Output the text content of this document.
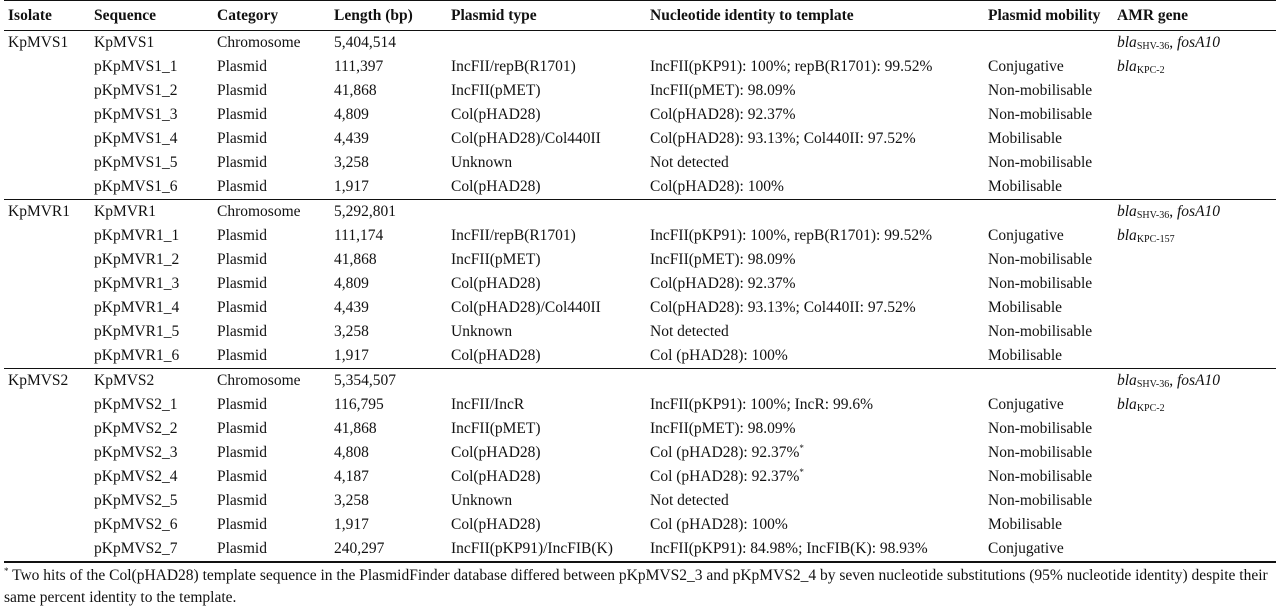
Isolate	Sequence	Category	Length (bp)	Plasmid type	Nucleotide identity to template	Plasmid mobility	AMR gene
KpMVS1	KpMVS1	Chromosome	5,404,514				bla$_{SHV-36}$, fosA10
	pKpMVS1_1	Plasmid	111,397	IncFII/repB(R1701)	IncFII(pKP91): 100%; repB(R1701): 99.52%	Conjugative	bla$_{KPC-2}$
	pKpMVS1_2	Plasmid	41,868	IncFII(pMET)	IncFII(pMET): 98.09%	Non-mobilisable	
	pKpMVS1_3	Plasmid	4,809	Col(pHAD28)	Col(pHAD28): 92.37%	Non-mobilisable	
	pKpMVS1_4	Plasmid	4,439	Col(pHAD28)/Col440II	Col(pHAD28): 93.13%; Col440II: 97.52%	Mobilisable	
	pKpMVS1_5	Plasmid	3,258	Unknown	Not detected	Non-mobilisable	
	pKpMVS1_6	Plasmid	1,917	Col(pHAD28)	Col(pHAD28): 100%	Mobilisable	
KpMVR1	KpMVR1	Chromosome	5,292,801				bla$_{SHV-36}$, fosA10
	pKpMVR1_1	Plasmid	111,174	IncFII/repB(R1701)	IncFII(pKP91): 100%, repB(R1701): 99.52%	Conjugative	bla$_{KPC-157}$
	pKpMVR1_2	Plasmid	41,868	IncFII(pMET)	IncFII(pMET): 98.09%	Non-mobilisable	
	pKpMVR1_3	Plasmid	4,809	Col(pHAD28)	Col(pHAD28): 92.37%	Non-mobilisable	
	pKpMVR1_4	Plasmid	4,439	Col(pHAD28)/Col440II	Col(pHAD28): 93.13%; Col440II: 97.52%	Mobilisable	
	pKpMVR1_5	Plasmid	3,258	Unknown	Not detected	Non-mobilisable	
	pKpMVR1_6	Plasmid	1,917	Col(pHAD28)	Col (pHAD28): 100%	Mobilisable	
KpMVS2	KpMVS2	Chromosome	5,354,507				bla$_{SHV-36}$, fosA10
	pKpMVS2_1	Plasmid	116,795	IncFII/IncR	IncFII(pKP91): 100%; IncR: 99.6%	Conjugative	bla$_{KPC-2}$
	pKpMVS2_2	Plasmid	41,868	IncFII(pMET)	IncFII(pMET): 98.09%	Non-mobilisable	
	pKpMVS2_3	Plasmid	4,808	Col(pHAD28)	Col (pHAD28): 92.37%*	Non-mobilisable	
	pKpMVS2_4	Plasmid	4,187	Col(pHAD28)	Col (pHAD28): 92.37%*	Non-mobilisable	
	pKpMVS2_5	Plasmid	3,258	Unknown	Not detected	Non-mobilisable	
	pKpMVS2_6	Plasmid	1,917	Col(pHAD28)	Col (pHAD28): 100%	Mobilisable	
	pKpMVS2_7	Plasmid	240,297	IncFII(pKP91)/IncFIB(K)	IncFII(pKP91): 84.98%; IncFIB(K): 98.93%	Conjugative	
* Two hits of the Col(pHAD28) template sequence in the PlasmidFinder database differed between pKpMVS2_3 and pKpMVS2_4 by seven nucleotide substitutions (95% nucleotide identity) despite their same percent identity to the template.
